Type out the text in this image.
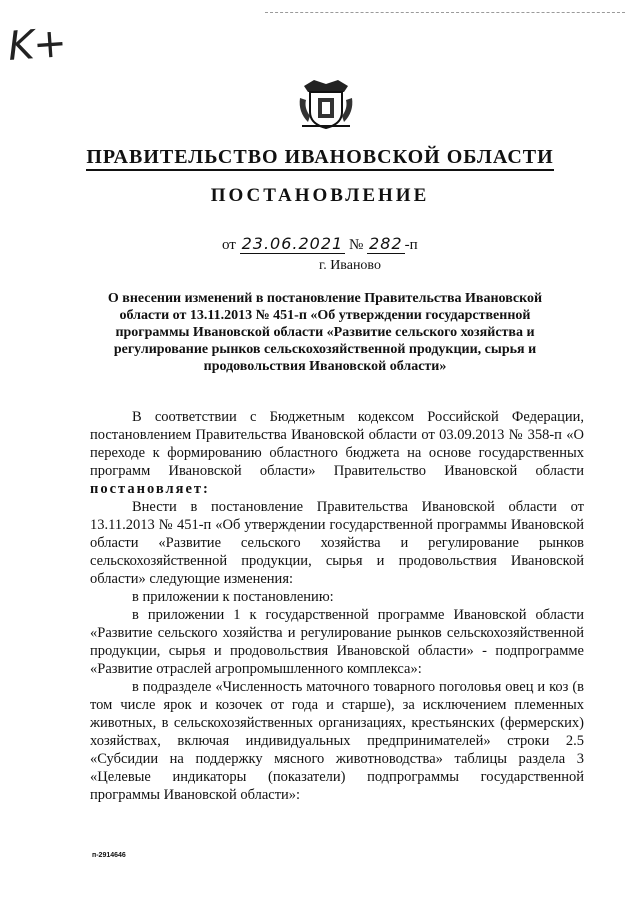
K+
ПРАВИТЕЛЬСТВО ИВАНОВСКОЙ ОБЛАСТИ
ПОСТАНОВЛЕНИЕ
от 23.06.2021 № 282 -п
г. Иваново
О внесении изменений в постановление Правительства Ивановской области от 13.11.2013 № 451-п «Об утверждении государственной программы Ивановской области «Развитие сельского хозяйства и регулирование рынков сельскохозяйственной продукции, сырья и продовольствия Ивановской области»

В соответствии с Бюджетным кодексом Российской Федерации, постановлением Правительства Ивановской области от 03.09.2013 № 358-п «О переходе к формированию областного бюджета на основе государственных программ Ивановской области» Правительство Ивановской области постановляет:

Внести в постановление Правительства Ивановской области от 13.11.2013 № 451-п «Об утверждении государственной программы Ивановской области «Развитие сельского хозяйства и регулирование рынков сельскохозяйственной продукции, сырья и продовольствия Ивановской области» следующие изменения:

в приложении к постановлению:

в приложении 1 к государственной программе Ивановской области «Развитие сельского хозяйства и регулирование рынков сельскохозяйственной продукции, сырья и продовольствия Ивановской области» - подпрограмме «Развитие отраслей агропромышленного комплекса»:

в подразделе «Численность маточного товарного поголовья овец и коз (в том числе ярок и козочек от года и старше), за исключением племенных животных, в сельскохозяйственных организациях, крестьянских (фермерских) хозяйствах, включая индивидуальных предпринимателей» строки 2.5 «Субсидии на поддержку мясного животноводства» таблицы раздела 3 «Целевые индикаторы (показатели) подпрограммы государственной программы Ивановской области»:

п-2914646
